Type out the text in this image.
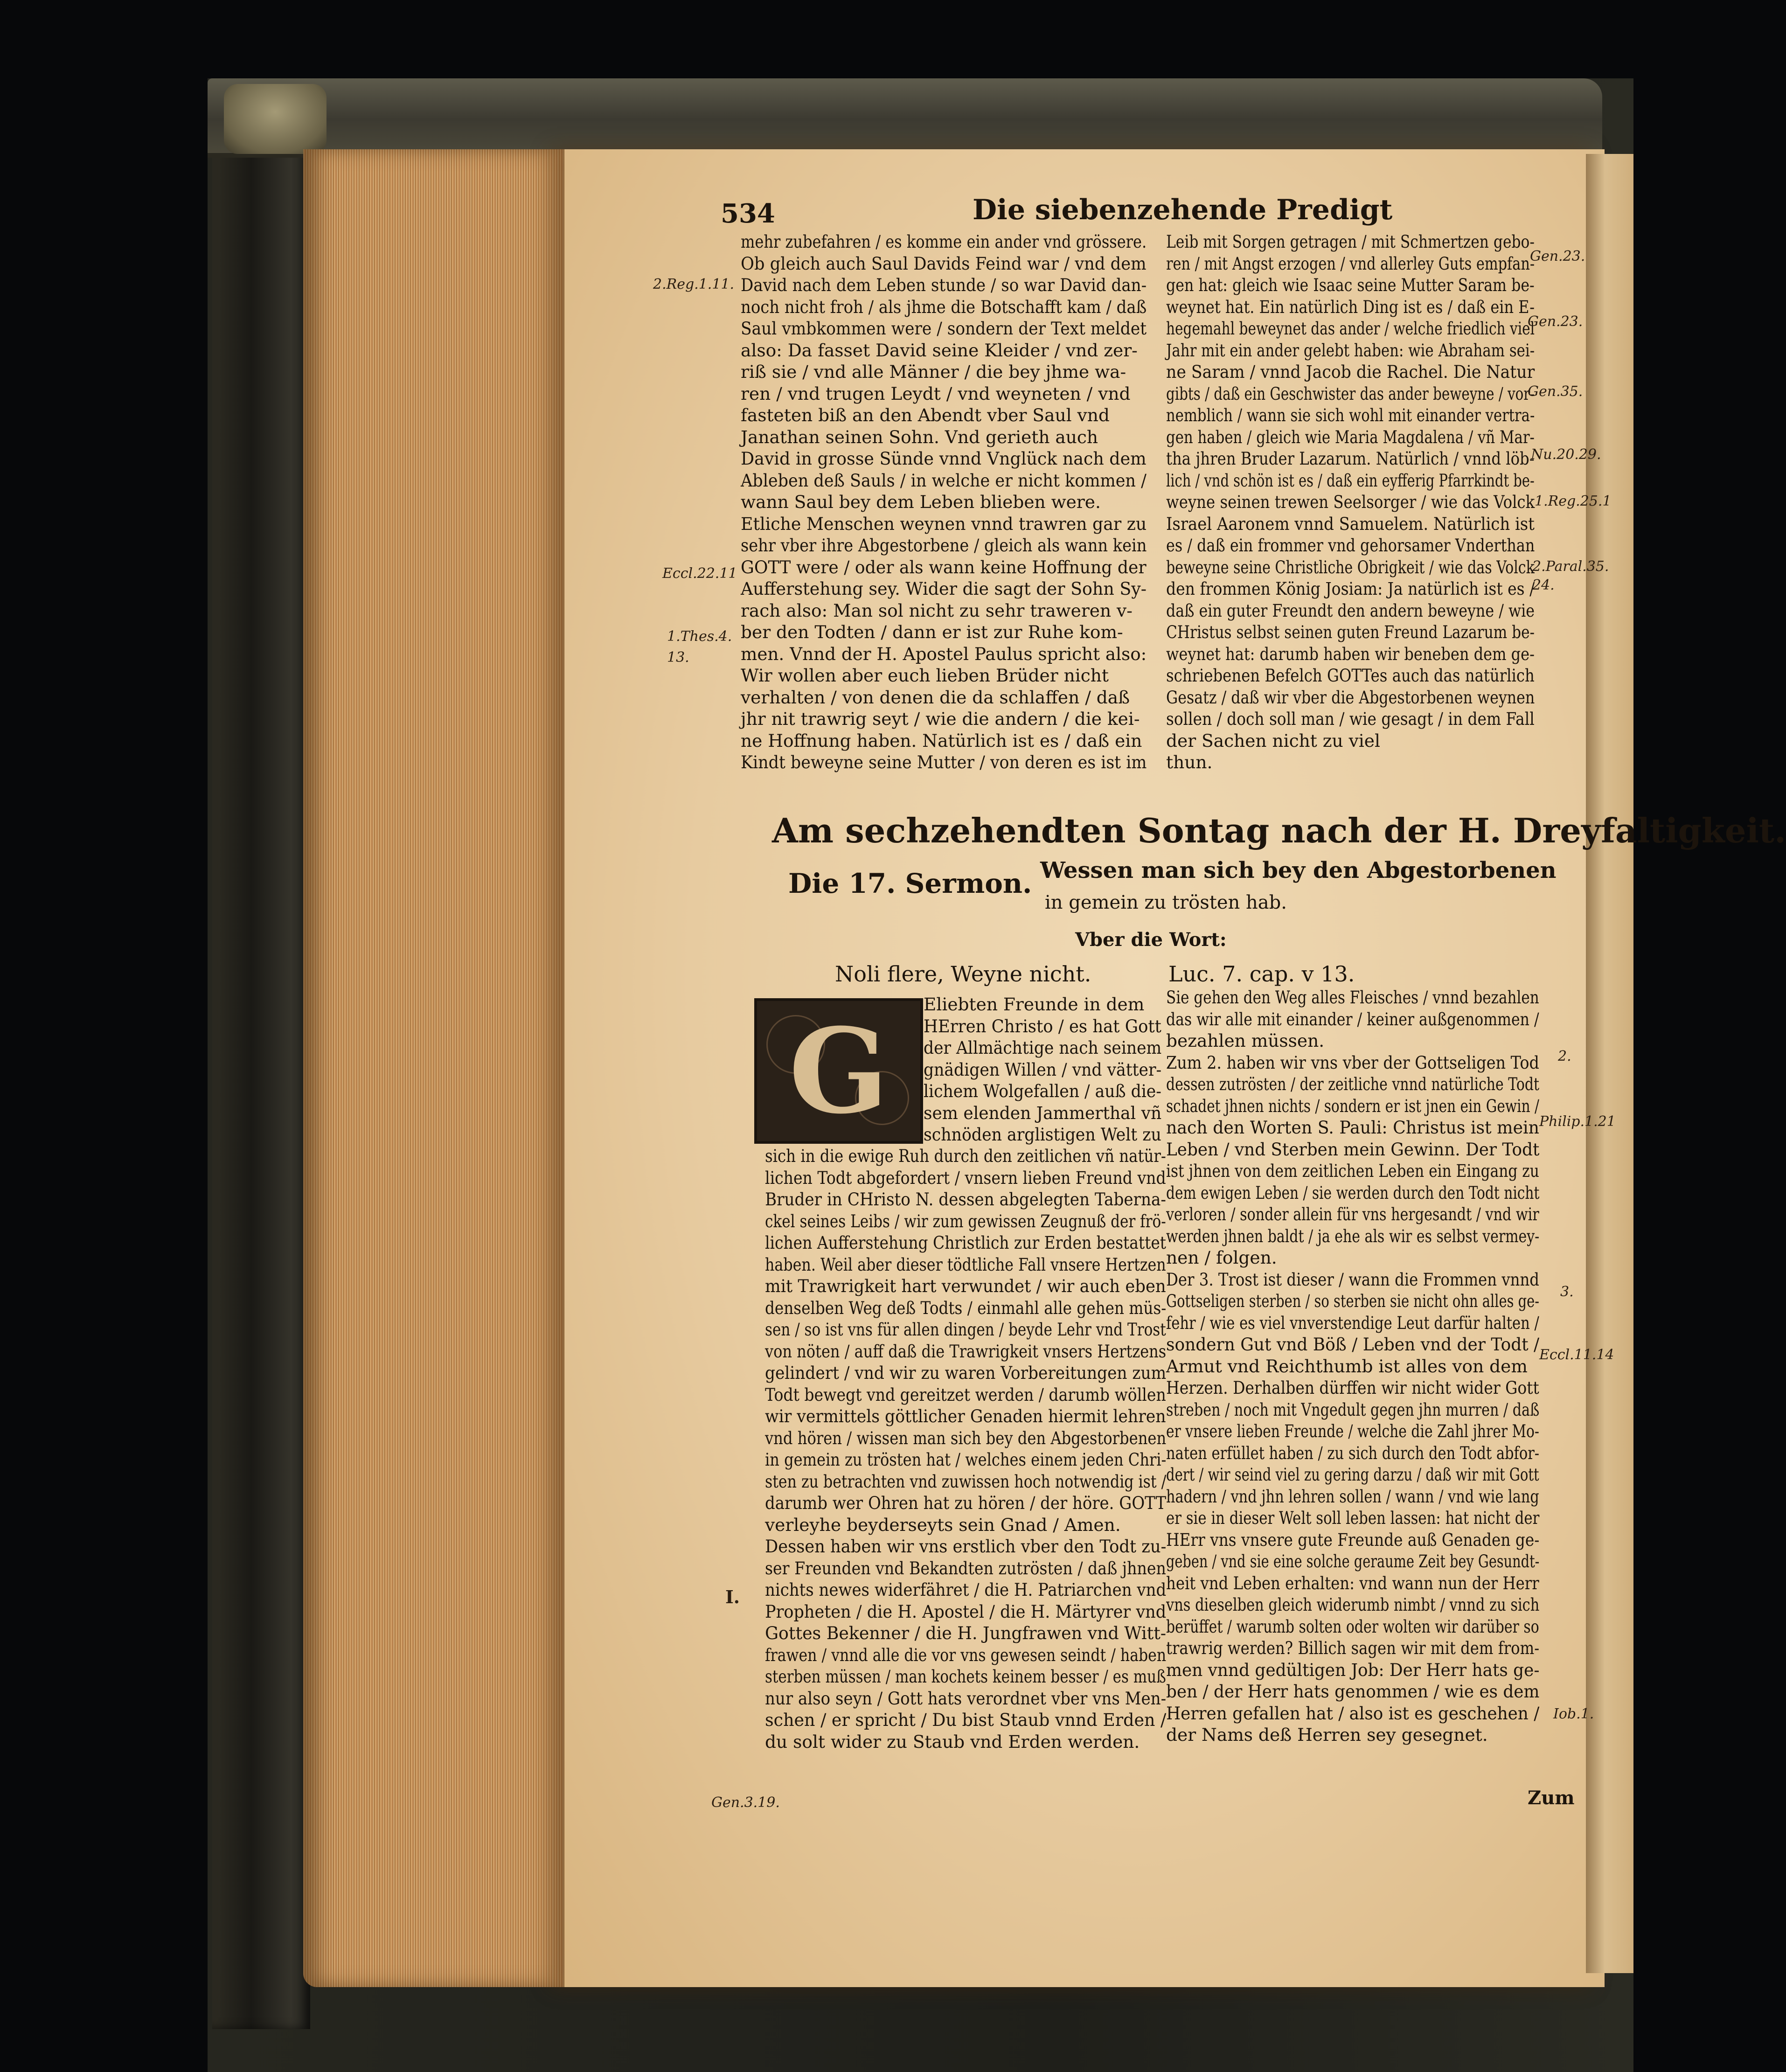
534	Die siebenzehende Predigt
mehr zubefahren / es komme ein ander vnd grössere.
Ob gleich auch Saul Davids Feind war / vnd dem
David nach dem Leben stunde / so war David dan-
noch nicht froh / als jhme die Botschafft kam / daß
Saul vmbkommen were / sondern der Text meldet
also: Da fasset David seine Kleider / vnd zer-
riß sie / vnd alle Männer / die bey jhme wa-
ren / vnd trugen Leydt / vnd weyneten / vnd
fasteten biß an den Abendt vber Saul vnd
Janathan seinen Sohn. Vnd gerieth auch
David in grosse Sünde vnnd Vnglück nach dem
Ableben deß Sauls / in welche er nicht kommen /
wann Saul bey dem Leben blieben were.
Etliche Menschen weynen vnnd trawren gar zu
sehr vber ihre Abgestorbene / gleich als wann kein
GOTT were / oder als wann keine Hoffnung der
Aufferstehung sey. Wider die sagt der Sohn Sy-
rach also: Man sol nicht zu sehr traweren v-
ber den Todten / dann er ist zur Ruhe kom-
men. Vnnd der H. Apostel Paulus spricht also:
Wir wollen aber euch lieben Brüder nicht
verhalten / von denen die da schlaffen / daß
jhr nit trawrig seyt / wie die andern / die kei-
ne Hoffnung haben. Natürlich ist es / daß ein
Kindt beweyne seine Mutter / von deren es ist im
Leib mit Sorgen getragen / mit Schmertzen gebo-
ren / mit Angst erzogen / vnd allerley Guts empfan-
gen hat: gleich wie Isaac seine Mutter Saram be-
weynet hat. Ein natürlich Ding ist es / daß ein E-
hegemahl beweynet das ander / welche friedlich viel
Jahr mit ein ander gelebt haben: wie Abraham sei-
ne Saram / vnnd Jacob die Rachel. Die Natur
gibts / daß ein Geschwister das ander beweyne / vor-
nemblich / wann sie sich wohl mit einander vertra-
gen haben / gleich wie Maria Magdalena / vñ Mar-
tha jhren Bruder Lazarum. Natürlich / vnnd löb-
lich / vnd schön ist es / daß ein eyfferig Pfarrkindt be-
weyne seinen trewen Seelsorger / wie das Volck
Israel Aaronem vnnd Samuelem. Natürlich ist
es / daß ein frommer vnd gehorsamer Vnderthan
beweyne seine Christliche Obrigkeit / wie das Volck
den frommen König Josiam: Ja natürlich ist es /
daß ein guter Freundt den andern beweyne / wie
CHristus selbst seinen guten Freund Lazarum be-
weynet hat: darumb haben wir beneben dem ge-
schriebenen Befelch GOTTes auch das natürlich
Gesatz / daß wir vber die Abgestorbenen weynen
sollen / doch soll man / wie gesagt / in dem Fall
der Sachen nicht zu viel
thun.
2.Reg.1.11.
Eccl.22.11
1.Thes.4.
13.
Gen.23.
Gen.23.
Gen.35.
Nu.20.29.
1.Reg.25.1
2.Paral.35.
24.
Am sechzehendten Sontag nach der H. Dreyfaltigkeit.
Die 17. Sermon. Wessen man sich bey den Abgestorbenen
in gemein zu trösten hab.
Vber die Wort:
Noli flere, Weyne nicht.	Luc. 7. cap. v 13.
G	Eliebten Freunde in dem
HErren Christo / es hat Gott
der Allmächtige nach seinem
gnädigen Willen / vnd vätter-
lichem Wolgefallen / auß die-
sem elenden Jammerthal vñ
schnöden arglistigen Welt zu
sich in die ewige Ruh durch den zeitlichen vñ natür-
lichen Todt abgefordert / vnsern lieben Freund vnd
Bruder in CHristo N. dessen abgelegten Taberna-
ckel seines Leibs / wir zum gewissen Zeugnuß der frö-
lichen Aufferstehung Christlich zur Erden bestattet
haben. Weil aber dieser tödtliche Fall vnsere Hertzen
mit Trawrigkeit hart verwundet / wir auch eben
denselben Weg deß Todts / einmahl alle gehen müs-
sen / so ist vns für allen dingen / beyde Lehr vnd Trost
von nöten / auff daß die Trawrigkeit vnsers Hertzens
gelindert / vnd wir zu waren Vorbereitungen zum
Todt bewegt vnd gereitzet werden / darumb wöllen
wir vermittels göttlicher Genaden hiermit lehren
vnd hören / wissen man sich bey den Abgestorbenen
in gemein zu trösten hat / welches einem jeden Chri-
sten zu betrachten vnd zuwissen hoch notwendig ist /
darumb wer Ohren hat zu hören / der höre. GOTT
verleyhe beyderseyts sein Gnad / Amen.
Dessen haben wir vns erstlich vber den Todt zu-
ser Freunden vnd Bekandten zutrösten / daß jhnen
nichts newes widerfähret / die H. Patriarchen vnd
Propheten / die H. Apostel / die H. Märtyrer vnd
Gottes Bekenner / die H. Jungfrawen vnd Witt-
frawen / vnnd alle die vor vns gewesen seindt / haben
sterben müssen / man kochets keinem besser / es muß
nur also seyn / Gott hats verordnet vber vns Men-
schen / er spricht / Du bist Staub vnnd Erden /
du solt wider zu Staub vnd Erden werden.
Sie gehen den Weg alles Fleisches / vnnd bezahlen
das wir alle mit einander / keiner außgenommen /
bezahlen müssen.
Zum 2. haben wir vns vber der Gottseligen Tod
dessen zutrösten / der zeitliche vnnd natürliche Todt
schadet jhnen nichts / sondern er ist jnen ein Gewin /
nach den Worten S. Pauli: Christus ist mein
Leben / vnd Sterben mein Gewinn. Der Todt
ist jhnen von dem zeitlichen Leben ein Eingang zu
dem ewigen Leben / sie werden durch den Todt nicht
verloren / sonder allein für vns hergesandt / vnd wir
werden jhnen baldt / ja ehe als wir es selbst vermey-
nen / folgen.
Der 3. Trost ist dieser / wann die Frommen vnnd
Gottseligen sterben / so sterben sie nicht ohn alles ge-
fehr / wie es viel vnverstendige Leut darfür halten /
sondern Gut vnd Böß / Leben vnd der Todt /
Armut vnd Reichthumb ist alles von dem
Herzen. Derhalben dürffen wir nicht wider Gott
streben / noch mit Vngedult gegen jhn murren / daß
er vnsere lieben Freunde / welche die Zahl jhrer Mo-
naten erfüllet haben / zu sich durch den Todt abfor-
dert / wir seind viel zu gering darzu / daß wir mit Gott
hadern / vnd jhn lehren sollen / wann / vnd wie lang
er sie in dieser Welt soll leben lassen: hat nicht der
HErr vns vnsere gute Freunde auß Genaden ge-
geben / vnd sie eine solche geraume Zeit bey Gesundt-
heit vnd Leben erhalten: vnd wann nun der Herr
vns dieselben gleich widerumb nimbt / vnnd zu sich
berüffet / warumb solten oder wolten wir darüber so
trawrig werden? Billich sagen wir mit dem from-
men vnnd gedültigen Job: Der Herr hats ge-
ben / der Herr hats genommen / wie es dem
Herren gefallen hat / also ist es geschehen /
der Nams deß Herren sey gesegnet.
I.
Gen.3.19.
2.
Philip.1.21
3.
Eccl.11.14
Iob.1.
Zum
